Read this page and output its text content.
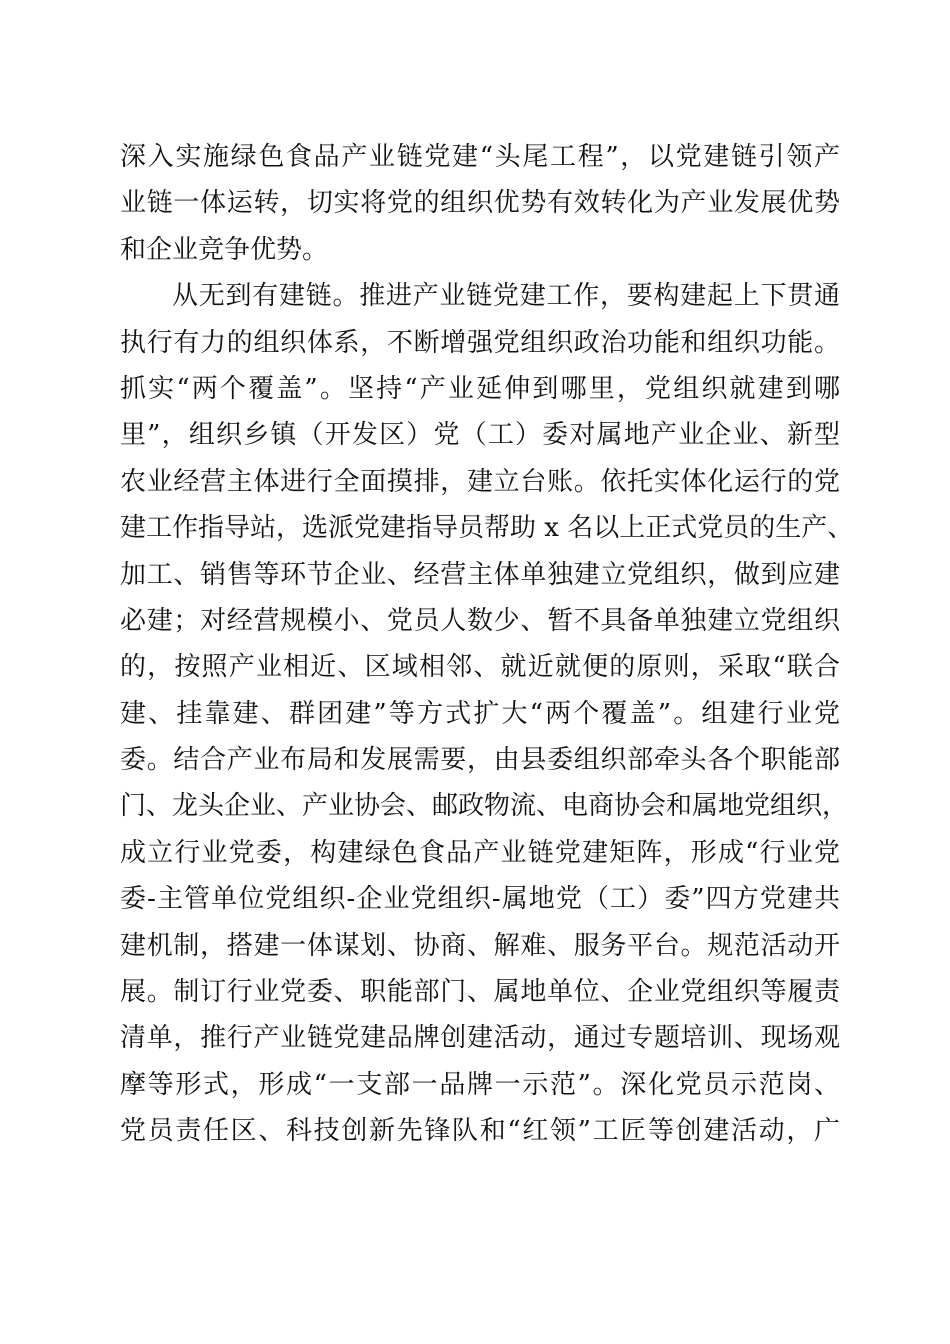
深入实施绿色食品产业链党建“头尾工程”，以党建链引领产
业链一体运转，切实将党的组织优势有效转化为产业发展优势
和企业竞争优势。
从无到有建链。推进产业链党建工作，要构建起上下贯通
执行有力的组织体系，不断增强党组织政治功能和组织功能。
抓实“两个覆盖”。坚持“产业延伸到哪里，党组织就建到哪
里”，组织乡镇（开发区）党（工）委对属地产业企业、新型
农业经营主体进行全面摸排，建立台账。依托实体化运行的党
建工作指导站，选派党建指导员帮助 x 名以上正式党员的生产、
加工、销售等环节企业、经营主体单独建立党组织，做到应建
必建；对经营规模小、党员人数少、暂不具备单独建立党组织
的，按照产业相近、区域相邻、就近就便的原则，采取“联合
建、挂靠建、群团建”等方式扩大“两个覆盖”。组建行业党
委。结合产业布局和发展需要，由县委组织部牵头各个职能部
门、龙头企业、产业协会、邮政物流、电商协会和属地党组织，
成立行业党委，构建绿色食品产业链党建矩阵，形成“行业党
委-主管单位党组织-企业党组织-属地党（工）委”四方党建共
建机制，搭建一体谋划、协商、解难、服务平台。规范活动开
展。制订行业党委、职能部门、属地单位、企业党组织等履责
清单，推行产业链党建品牌创建活动，通过专题培训、现场观
摩等形式，形成“一支部一品牌一示范”。深化党员示范岗、
党员责任区、科技创新先锋队和“红领”工匠等创建活动，广
